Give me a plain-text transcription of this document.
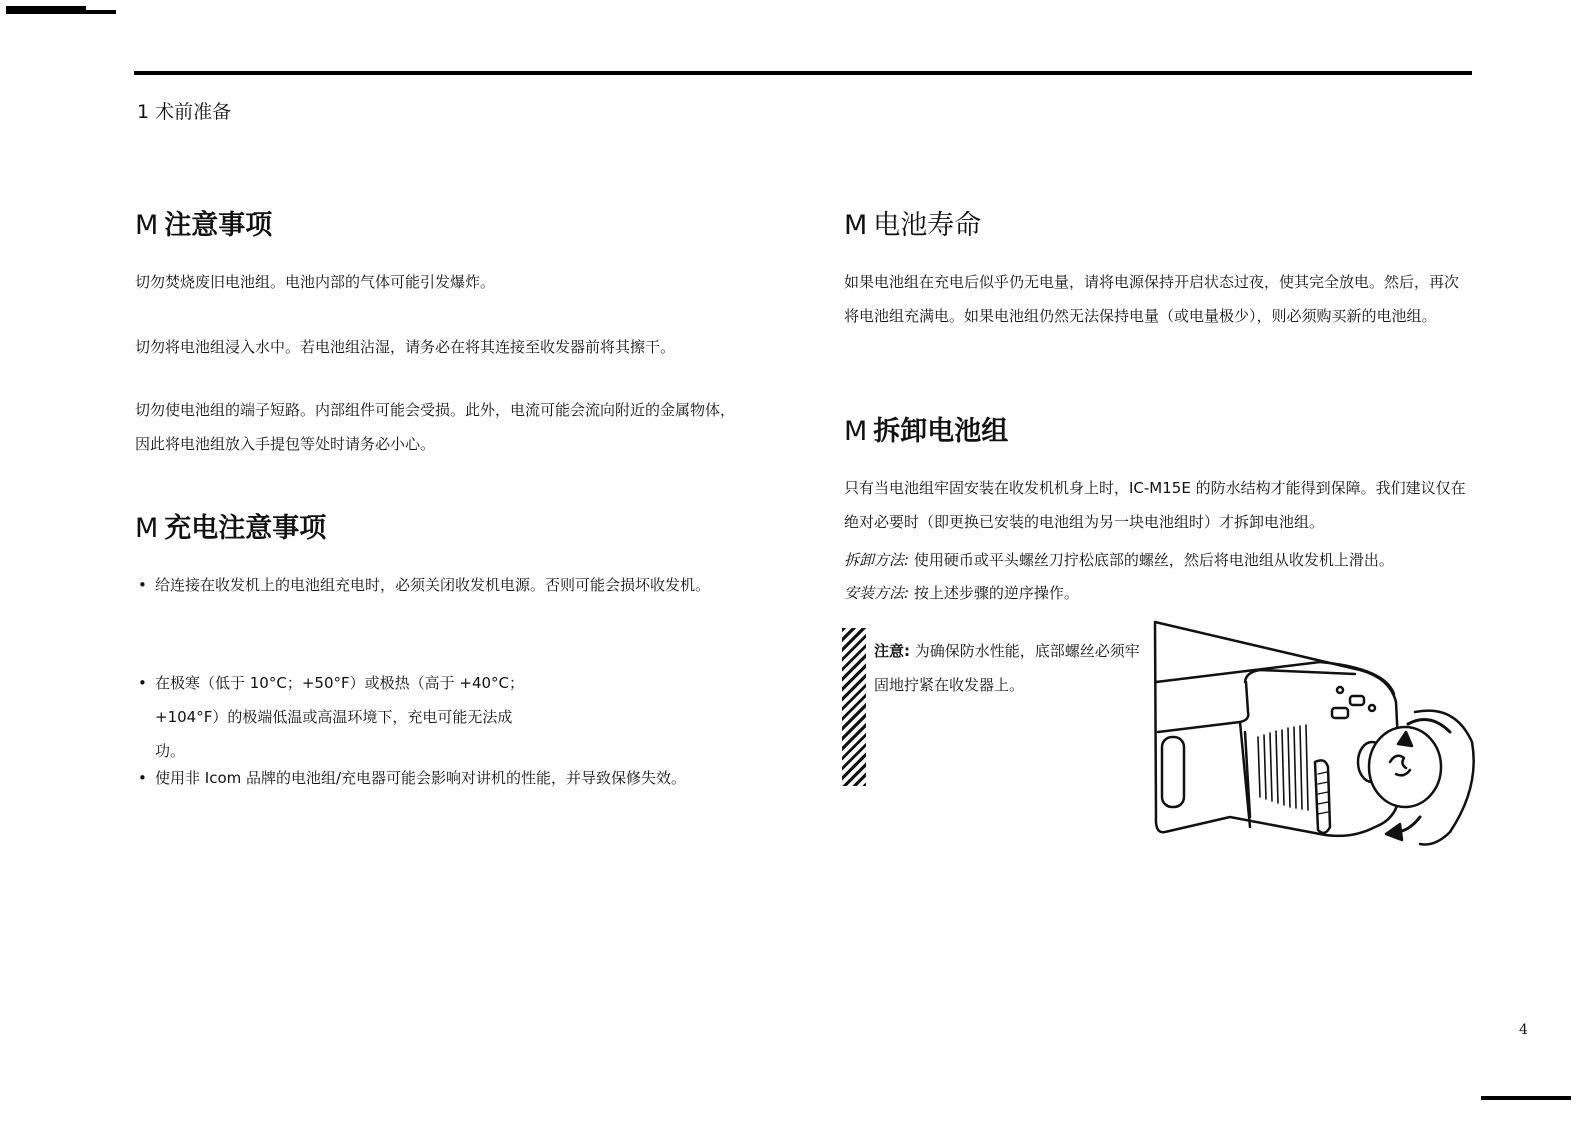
1 术前准备
M 注意事项
切勿焚烧废旧电池组。电池内部的气体可能引发爆炸。
切勿将电池组浸入水中。若电池组沾湿，请务必在将其连接至收发器前将其擦干。
切勿使电池组的端子短路。内部组件可能会受损。此外，电流可能会流向附近的金属物体，因此将电池组放入手提包等处时请务必小心。
M 充电注意事项
• 给连接在收发机上的电池组充电时，必须关闭收发机电源。否则可能会损坏收发机。
• 在极寒（低于 10°C；+50°F）或极热（高于 +40°C；+104°F）的极端低温或高温环境下，充电可能无法成功。
• 使用非 Icom 品牌的电池组/充电器可能会影响对讲机的性能，并导致保修失效。
M 电池寿命
如果电池组在充电后似乎仍无电量，请将电源保持开启状态过夜，使其完全放电。然后，再次将电池组充满电。如果电池组仍然无法保持电量（或电量极少），则必须购买新的电池组。
M 拆卸电池组
只有当电池组牢固安装在收发机机身上时，IC-M15E 的防水结构才能得到保障。我们建议仅在绝对必要时（即更换已安装的电池组为另一块电池组时）才拆卸电池组。
拆卸方法: 使用硬币或平头螺丝刀拧松底部的螺丝，然后将电池组从收发机上滑出。
安装方法: 按上述步骤的逆序操作。
注意: 为确保防水性能，底部螺丝必须牢固地拧紧在收发器上。
4
